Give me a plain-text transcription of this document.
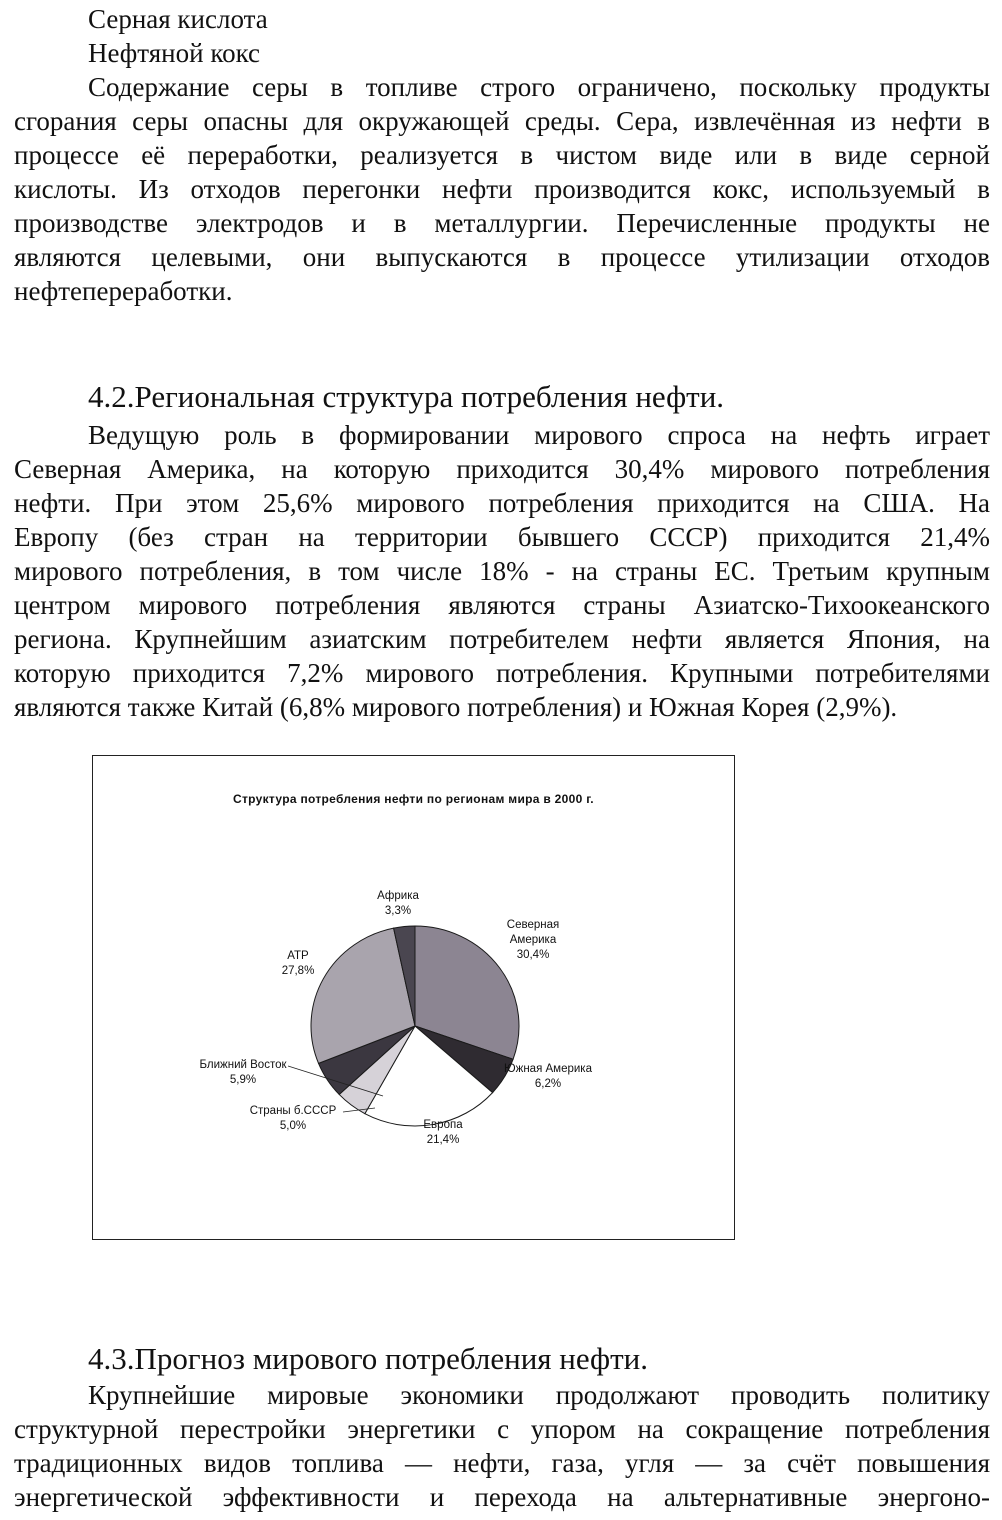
Серная кислота
Нефтяной кокс
Содержание серы в топливе строго ограничено, поскольку продукты
сгорания серы опасны для окружающей среды. Сера, извлечённая из нефти в
процессе её переработки, реализуется в чистом виде или в виде серной
кислоты. Из отходов перегонки нефти производится кокс, используемый в
производстве электродов и в металлургии. Перечисленные продукты не
являются целевыми, они выпускаются в процессе утилизации отходов
нефтепереработки.
4.2.Региональная структура потребления нефти.
Ведущую роль в формировании мирового спроса на нефть играет
Северная Америка, на которую приходится 30,4% мирового потребления
нефти. При этом 25,6% мирового потребления приходится на США. На
Европу (без стран на территории бывшего СССР) приходится 21,4%
мирового потребления, в том числе 18% - на страны ЕС. Третьим крупным
центром мирового потребления являются страны Азиатско-Тихоокеанского
региона. Крупнейшим азиатским потребителем нефти является Япония, на
которую приходится 7,2% мирового потребления. Крупными потребителями
являются также Китай (6,8% мирового потребления) и Южная Корея (2,9%).
Структура потребления нефти по регионам мира в 2000 г.
Северная Америка 30,4%
Южная Америка 6,2%
Европа 21,4%
Страны б.СССР 5,0%
Ближний Восток 5,9%
АТР 27,8%
Африка 3,3%
4.3.Прогноз мирового потребления нефти.
Крупнейшие мировые экономики продолжают проводить политику
структурной перестройки энергетики с упором на сокращение потребления
традиционных видов топлива — нефти, газа, угля — за счёт повышения
энергетической эффективности и перехода на альтернативные энергоно-
